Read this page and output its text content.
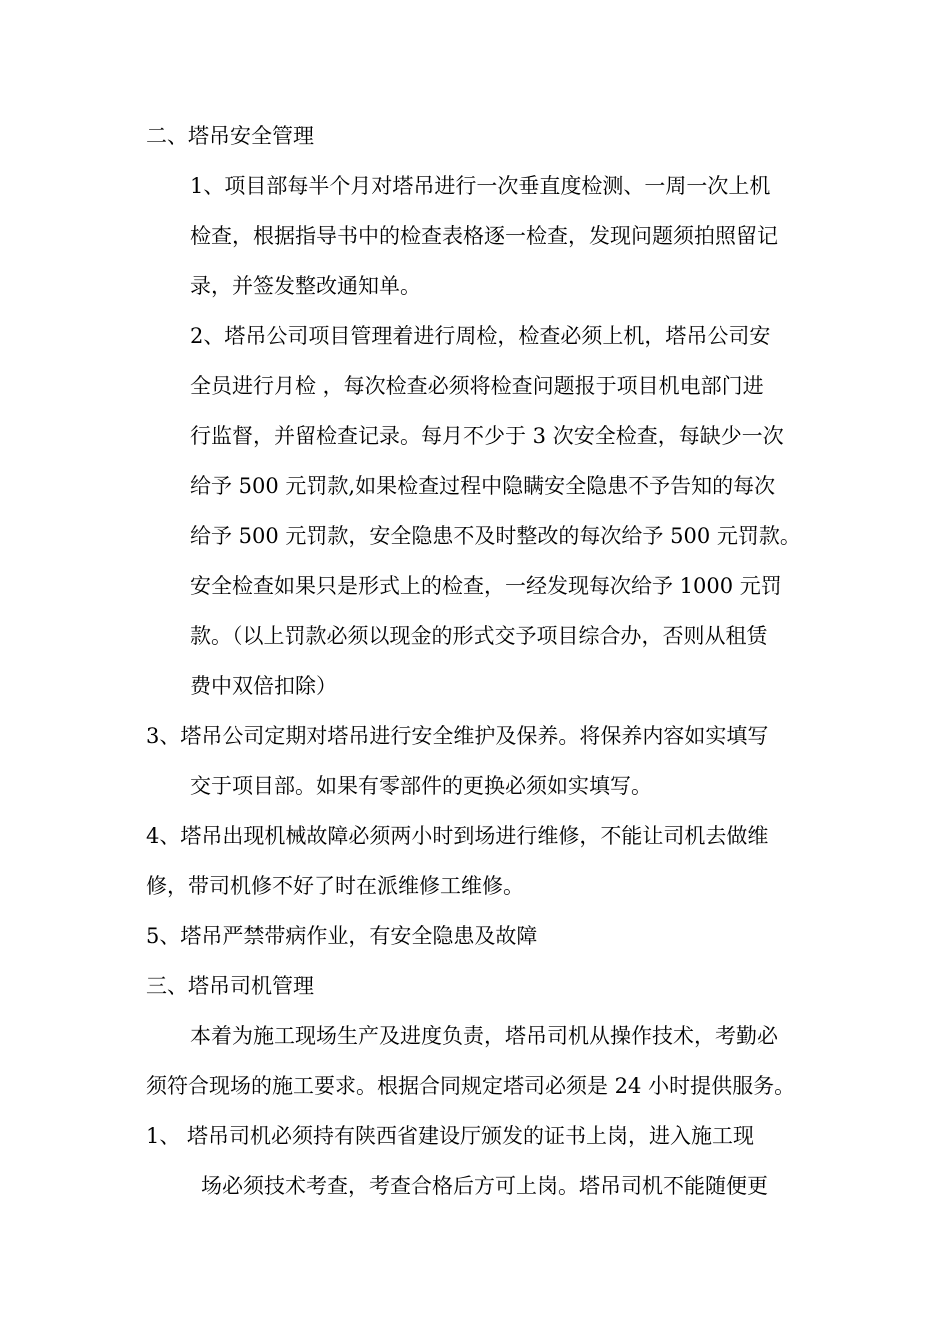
二、塔吊安全管理
1、项目部每半个月对塔吊进行一次垂直度检测、一周一次上机
检查，根据指导书中的检查表格逐一检查，发现问题须拍照留记
录，并签发整改通知单。
2、塔吊公司项目管理着进行周检，检查必须上机，塔吊公司安
全员进行月检 ，每次检查必须将检查问题报于项目机电部门进
行监督，并留检查记录。每月不少于 3 次安全检查，每缺少一次
给予 500 元罚款,如果检查过程中隐瞒安全隐患不予告知的每次
给予 500 元罚款，安全隐患不及时整改的每次给予 500 元罚款。
安全检查如果只是形式上的检查，一经发现每次给予 1000 元罚
款。（以上罚款必须以现金的形式交予项目综合办，否则从租赁
费中双倍扣除）
3、塔吊公司定期对塔吊进行安全维护及保养。将保养内容如实填写
交于项目部。如果有零部件的更换必须如实填写。
4、塔吊出现机械故障必须两小时到场进行维修，不能让司机去做维
修，带司机修不好了时在派维修工维修。
5、塔吊严禁带病作业，有安全隐患及故障
三、塔吊司机管理
本着为施工现场生产及进度负责，塔吊司机从操作技术，考勤必
须符合现场的施工要求。根据合同规定塔司必须是 24 小时提供服务。
1、 塔吊司机必须持有陕西省建设厅颁发的证书上岗，进入施工现
场必须技术考查，考查合格后方可上岗。塔吊司机不能随便更
